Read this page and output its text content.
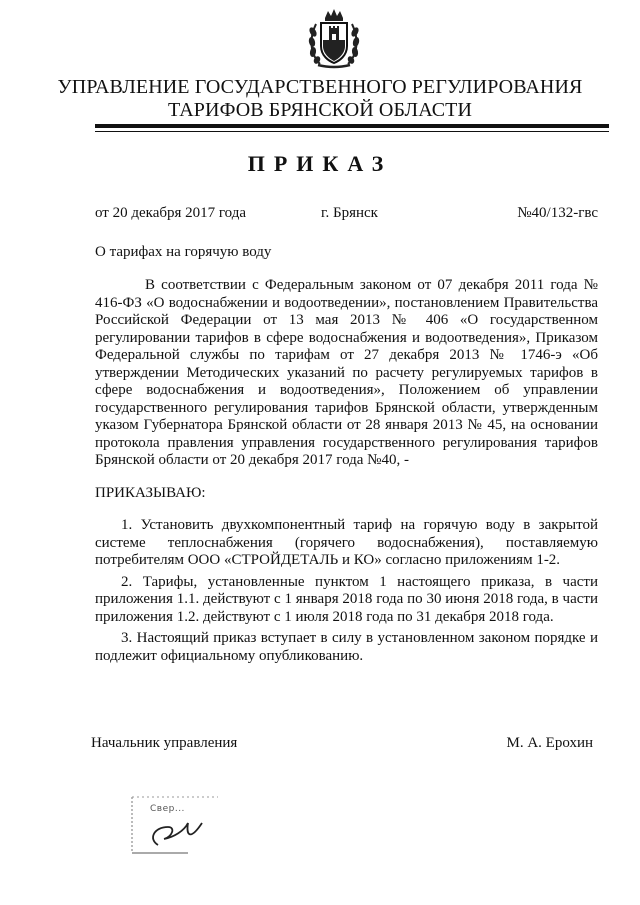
УПРАВЛЕНИЕ ГОСУДАРСТВЕННОГО РЕГУЛИРОВАНИЯ
ТАРИФОВ БРЯНСКОЙ ОБЛАСТИ
ПРИКАЗ
от 20 декабря 2017 года	г. Брянск	№40/132-гвс
О тарифах на горячую воду

В соответствии с Федеральным законом от 07 декабря 2011 года № 416-ФЗ «О водоснабжении и водоотведении», постановлением Правительства Российской Федерации от 13 мая 2013 № 406 «О государственном регулировании тарифов в сфере водоснабжения и водоотведения», Приказом Федеральной службы по тарифам от 27 декабря 2013 № 1746-э «Об утверждении Методических указаний по расчету регулируемых тарифов в сфере водоснабжения и водоотведения», Положением об управлении государственного регулирования тарифов Брянской области, утвержденным указом Губернатора Брянской области от 28 января 2013 № 45, на основании протокола правления управления государственного регулирования тарифов Брянской области от 20 декабря 2017 года №40, -

ПРИКАЗЫВАЮ:

1. Установить двухкомпонентный тариф на горячую воду в закрытой системе теплоснабжения (горячего водоснабжения), поставляемую потребителям ООО «СТРОЙДЕТАЛЬ и КО» согласно приложениям 1-2.

2. Тарифы, установленные пунктом 1 настоящего приказа, в части приложения 1.1. действуют с 1 января 2018 года по 30 июня 2018 года, в части приложения 1.2. действуют с 1 июля 2018 года по 31 декабря 2018 года.

3. Настоящий приказ вступает в силу в установленном законом порядке и подлежит официальному опубликованию.

Начальник управления	М. А. Ерохин
Свер...
